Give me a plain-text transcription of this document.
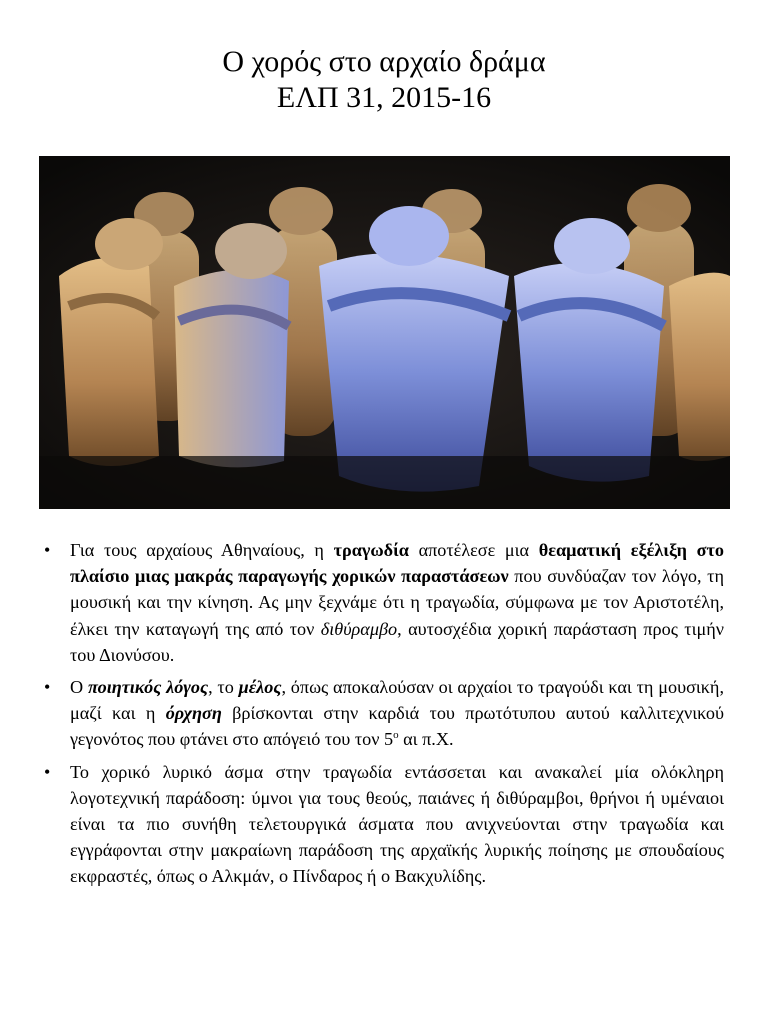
Ο χορός στο αρχαίο δράμα
ΕΛΠ 31, 2015-16
• Για τους αρχαίους Αθηναίους, η τραγωδία αποτέλεσε μια θεαματική εξέλιξη στο πλαίσιο μιας μακράς παραγωγής χορικών παραστάσεων που συνδύαζαν τον λόγο, τη μουσική και την κίνηση. Ας μην ξεχνάμε ότι η τραγωδία, σύμφωνα με τον Αριστοτέλη, έλκει την καταγωγή της από τον διθύραμβο, αυτοσχέδια χορική παράσταση προς τιμήν του Διονύσου.

• Ο ποιητικός λόγος, το μέλος, όπως αποκαλούσαν οι αρχαίοι το τραγούδι και τη μουσική, μαζί και η όρχηση βρίσκονται στην καρδιά του πρωτότυπου αυτού καλλιτεχνικού γεγονότος που φτάνει στο απόγειό του τον $5^o$ αι π.Χ.

• Το χορικό λυρικό άσμα στην τραγωδία εντάσσεται και ανακαλεί μία ολόκληρη λογοτεχνική παράδοση: ύμνοι για τους θεούς, παιάνες ή διθύραμβοι, θρήνοι ή υμέναιοι είναι τα πιο συνήθη τελετουργικά άσματα που ανιχνεύονται στην τραγωδία και εγγράφονται στην μακραίωνη παράδοση της αρχαϊκής λυρικής ποίησης με σπουδαίους εκφραστές, όπως ο Αλκμάν, ο Πίνδαρος ή ο Βακχυλίδης.
